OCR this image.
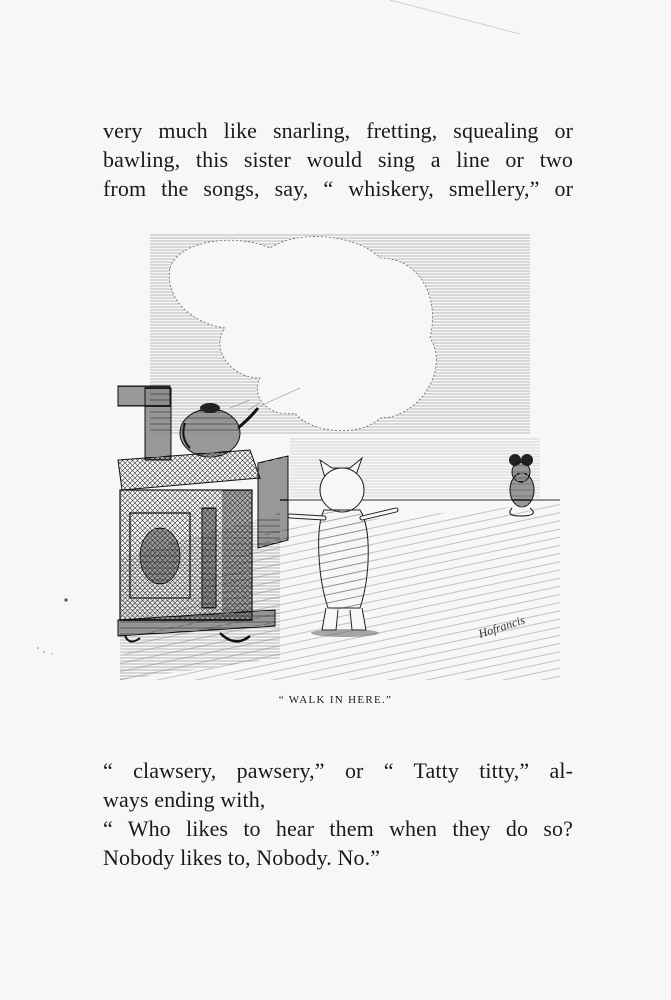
very much like snarling, fretting, squealing or
bawling, this sister would sing a line or two
from the songs, say, “ whiskery, smellery,” or
Hofrancis
“ WALK IN HERE.”
“ clawsery, pawsery,” or “ Tatty titty,” al-
ways ending with,
“ Who likes to hear them when they do so?
Nobody likes to, Nobody. No.”
